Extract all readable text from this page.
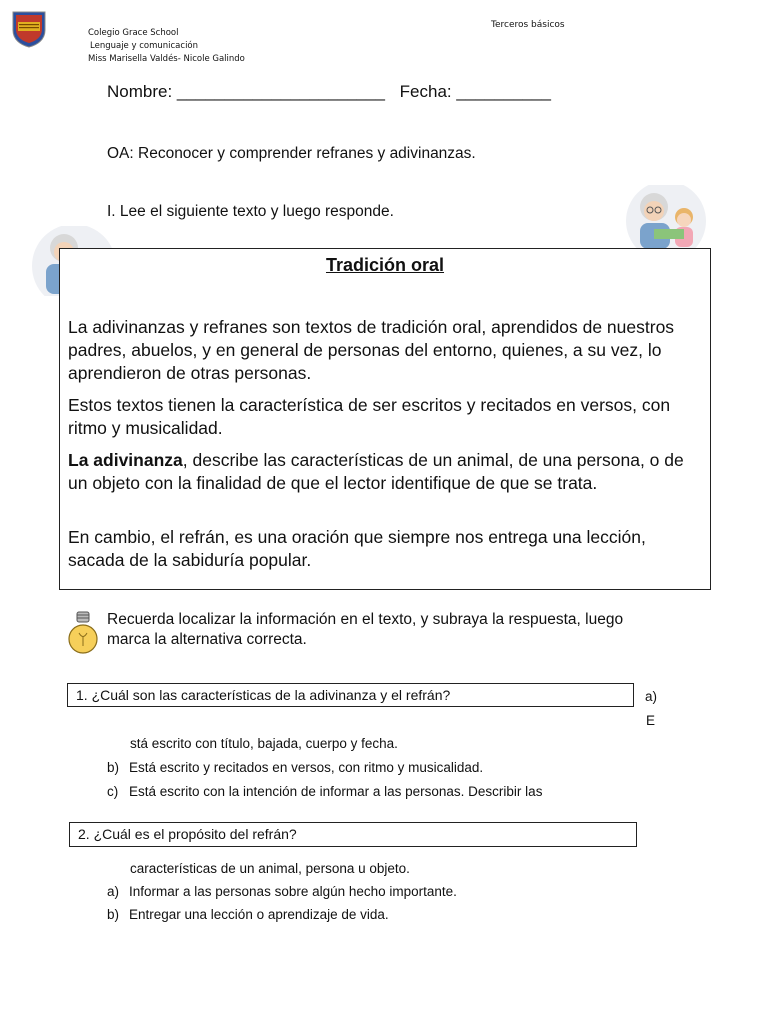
Colegio Grace School
Lenguaje y comunicación
Miss Marisella Valdés- Nicole Galindo
Terceros básicos
Nombre: ______________________ Fecha: __________
OA: Reconocer y comprender refranes y adivinanzas.
I. Lee el siguiente texto y luego responde.
Tradición oral
La adivinanzas y refranes son textos de tradición oral, aprendidos de nuestros padres, abuelos, y en general de personas del entorno, quienes, a su vez, lo aprendieron de otras personas.
Estos textos tienen la característica de ser escritos y recitados en versos, con ritmo y musicalidad.
La adivinanza, describe las características de un animal, de una persona, o de un objeto con la finalidad de que el lector identifique de que se trata.
En cambio, el refrán, es una oración que siempre nos entrega una lección, sacada de la sabiduría popular.
Recuerda localizar la información en el texto, y subraya la respuesta, luego marca la alternativa correcta.
1. ¿Cuál son las características de la adivinanza y el refrán?	a)
E
stá escrito con título, bajada, cuerpo y fecha.
b) Está escrito y recitados en versos, con ritmo y musicalidad.
c) Está escrito con la intención de informar a las personas. Describir las
2. ¿Cuál es el propósito del refrán?
características de un animal, persona u objeto.
a) Informar a las personas sobre algún hecho importante.
b) Entregar una lección o aprendizaje de vida.
